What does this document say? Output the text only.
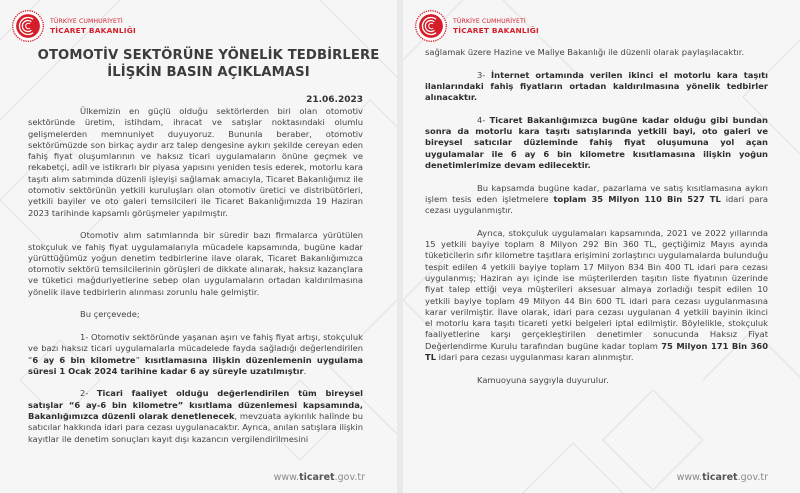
TÜRKİYE CUMHURİYETİ
TİCARET BAKANLIĞI
OTOMOTİV SEKTÖRÜNE YÖNELİK TEDBİRLERE
İLİŞKİN BASIN AÇIKLAMASI
21.06.2023

Ülkemizin en güçlü olduğu sektörlerden biri olan otomotiv sektöründe üretim, istihdam, ihracat ve satışlar noktasındaki olumlu gelişmelerden memnuniyet duyuyoruz. Bununla beraber, otomotiv sektörümüzde son birkaç aydır arz talep dengesine aykırı şekilde cereyan eden fahiş fiyat oluşumlarının ve haksız ticari uygulamaların önüne geçmek ve rekabetçi, adil ve istikrarlı bir piyasa yapısını yeniden tesis ederek, motorlu kara taşıtı alım satımında düzenli işleyişi sağlamak amacıyla, Ticaret Bakanlığımız ile otomotiv sektörünün yetkili kuruluşları olan otomotiv üretici ve distribütörleri, yetkili bayiler ve oto galeri temsilcileri ile Ticaret Bakanlığımızda 19 Haziran 2023 tarihinde kapsamlı görüşmeler yapılmıştır.

Otomotiv alım satımlarında bir süredir bazı firmalarca yürütülen stokçuluk ve fahiş fiyat uygulamalarıyla mücadele kapsamında, bugüne kadar yürüttüğümüz yoğun denetim tedbirlerine ilave olarak, Ticaret Bakanlığımızca otomotiv sektörü temsilcilerinin görüşleri de dikkate alınarak, haksız kazançlara ve tüketici mağduriyetlerine sebep olan uygulamaların ortadan kaldırılmasına yönelik ilave tedbirlerin alınması zorunlu hale gelmiştir.

Bu çerçevede;

1- Otomotiv sektöründe yaşanan aşırı ve fahiş fiyat artışı, stokçuluk ve bazı haksız ticari uygulamalarla mücadelede fayda sağladığı değerlendirilen “6 ay 6 bin kilometre” kısıtlamasına ilişkin düzenlemenin uygulama süresi 1 Ocak 2024 tarihine kadar 6 ay süreyle uzatılmıştır.

2- Ticari faaliyet olduğu değerlendirilen tüm bireysel satışlar “6 ay-6 bin kilometre” kısıtlama düzenlemesi kapsamında, Bakanlığımızca düzenli olarak denetlenecek, mevzuata aykırılık halinde bu satıcılar hakkında idari para cezası uygulanacaktır. Ayrıca, anılan satışlara ilişkin kayıtlar ile denetim sonuçları kayıt dışı kazancın vergilendirilmesini

www.ticaret.gov.tr
TÜRKİYE CUMHURİYETİ
TİCARET BAKANLIĞI

sağlamak üzere Hazine ve Maliye Bakanlığı ile düzenli olarak paylaşılacaktır.

3- İnternet ortamında verilen ikinci el motorlu kara taşıtı ilanlarındaki fahiş fiyatların ortadan kaldırılmasına yönelik tedbirler alınacaktır.

4- Ticaret Bakanlığımızca bugüne kadar olduğu gibi bundan sonra da motorlu kara taşıtı satışlarında yetkili bayi, oto galeri ve bireysel satıcılar düzleminde fahiş fiyat oluşumuna yol açan uygulamalar ile 6 ay 6 bin kilometre kısıtlamasına ilişkin yoğun denetimlerimize devam edilecektir.

Bu kapsamda bugüne kadar, pazarlama ve satış kısıtlamasına aykırı işlem tesis eden işletmelere toplam 35 Milyon 110 Bin 527 TL idari para cezası uygulanmıştır.

Ayrıca, stokçuluk uygulamaları kapsamında, 2021 ve 2022 yıllarında 15 yetkili bayiye toplam 8 Milyon 292 Bin 360 TL, geçtiğimiz Mayıs ayında tüketicilerin sıfır kilometre taşıtlara erişimini zorlaştırıcı uygulamalarda bulunduğu tespit edilen 4 yetkili bayiye toplam 17 Milyon 834 Bin 400 TL idari para cezası uygulanmış; Haziran ayı içinde ise müşterilerden taşıtın liste fiyatının üzerinde fiyat talep ettiği veya müşterileri aksesuar almaya zorladığı tespit edilen 10 yetkili bayiye toplam 49 Milyon 44 Bin 600 TL idari para cezası uygulanmasına karar verilmiştir. İlave olarak, idari para cezası uygulanan 4 yetkili bayinin ikinci el motorlu kara taşıtı ticareti yetki belgeleri iptal edilmiştir. Böylelikle, stokçuluk faaliyetlerine karşı gerçekleştirilen denetimler sonucunda Haksız Fiyat Değerlendirme Kurulu tarafından bugüne kadar toplam 75 Milyon 171 Bin 360 TL idari para cezası uygulanması kararı alınmıştır.

Kamuoyuna saygıyla duyurulur.

www.ticaret.gov.tr
